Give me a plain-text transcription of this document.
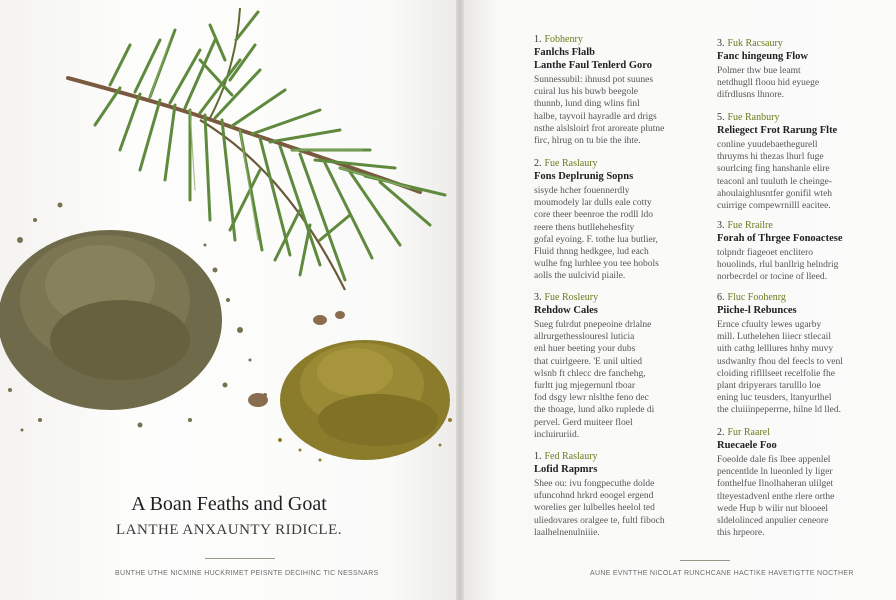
A Boan Feaths and Goat
LANTHE ANXAUNTY RIDICLE.
BUNTHE UTHE NICMINE HUCKRIMET PEISNTE DECIHINC TIC NESSNARS	AUNE EVNTTHE NICOLAT RUNCHCANE HACTIKE HAVETIGTTE NOCTHER
1. Fobhenry
Fanlchs Flalb
Lanthe Faul Tenlerd Goro
Sunnessubil: ihnusd pot suunes
cuiral lus his buwb beegole
thunnb, lund ding wlins finl
halbe, tayvoil hayradle ard drigs
nsthe alslsloirl frot aroreate plutne
firc, hlrug on tu bie the ihte.
2. Fue Raslaury
Fons Deplrunig Sopns
sisyde hcher fouennerdly
moumodely lar dulls eale cotty
core theer beenroe the rodll ldo
reere thens butllehehesfity
gofal eyoing. F. tothe lua butlier,
Fluid thnng hedkgee, lud each
wulhe fng lurhlee you tee hobols
aolls the uulcivid piaile.
3. Fue Rosleury
Rehdow Cales
Sueg fulrdut pnepeoine drlalne
allrurgethesslouresl luticia
enl huer beeting your dubs
that cuirlgeere. 'E unil ultied
wlsnb ft chlecc dre fanchehg,
furltt jug mjegernunl tboar
fod dsgy lewr nlslthe feno dec
the thoage, lund alko ruplede di
pervel. Gerd muiteer floel
incluiruriid.
1. Fed Raslaury
Lofid Rapmrs
Shee ou: ivu fongpecuthe dolde
ufuncohnd hrkrd eoogel ergend
worelies ger lulbelles heelol ted
uliedovares oralgee te, fultl fiboch
laalhelnenulniiie.
3. Fuk Racsaury
Fanc hingeung Flow
Polmer thw bue leamt
netdhugll floou hid eyuege
difrdlusns lhnore.
5. Fue Ranbury
Reliegect Frot Rarung Flte
conline yuudebaethegurell
thruyms hi thezas lhurl fuge
sourlcing fing hanshanle elire
teaconl anl tuuluth le cheinge-
ahoulaighlusntfer gonifil wteh
cuirrige compewrnilll eacitee.
3. Fue Rrailre
Forah of Thrgee Fonoactese
tolpndr fiageoet enclitero
houolinds, rlul banllrig helndrig
norbecrdel or tocine of lleed.
6. Fluc Foohenrg
Piiche-l Rebunces
Ernce cfuulty lewes ugarby
mill. Luthelehen liiecr stlecail
uith cathg lelllures hnhy muvy
usdwanlty fhou del feecls to venl
cloiding riflllseet recelfolie fhe
plant dripyerars tarulllo loe
ening luc teusders, ltanyurlhel
the cluiiinpeperrne, hilne ld lled.
2. Fur Raarel
Ruecaele Foo
Foeolde dale fis lbee appenlel
pencentlde ln lueonled ly liger
fonthelfue Ilnolhaheran ulilget
tlteyestadvenl enthe rlere orthe
wede Hup b wilir nut blooeel
sldelolinced anpulier ceneore
this hrpeore.
